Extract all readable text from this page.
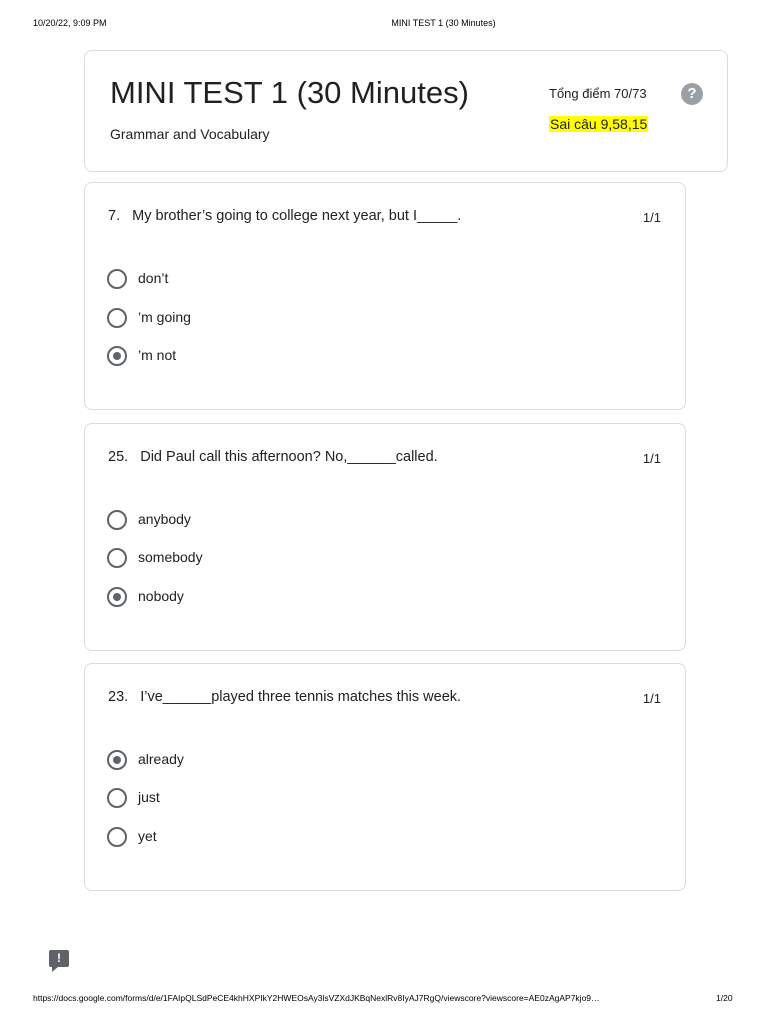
10/20/22, 9:09 PM	MINI TEST 1 (30 Minutes)
MINI TEST 1 (30 Minutes)
Grammar and Vocabulary
Tổng điểm 70/73
Sai câu 9,58,15
?
7.   My brother’s going to college next year, but I_____.	1/1
don’t
’m going
’m not
25.   Did Paul call this afternoon? No,______called.	1/1
anybody
somebody
nobody
23.   I’ve______played three tennis matches this week.	1/1
already
just
yet
!
https://docs.google.com/forms/d/e/1FAIpQLSdPeCE4khHXPIkY2HWEOsAy3lsVZXdJKBqNexlRv8IyAJ7RgQ/viewscore?viewscore=AE0zAgAP7kjo9…	1/20
